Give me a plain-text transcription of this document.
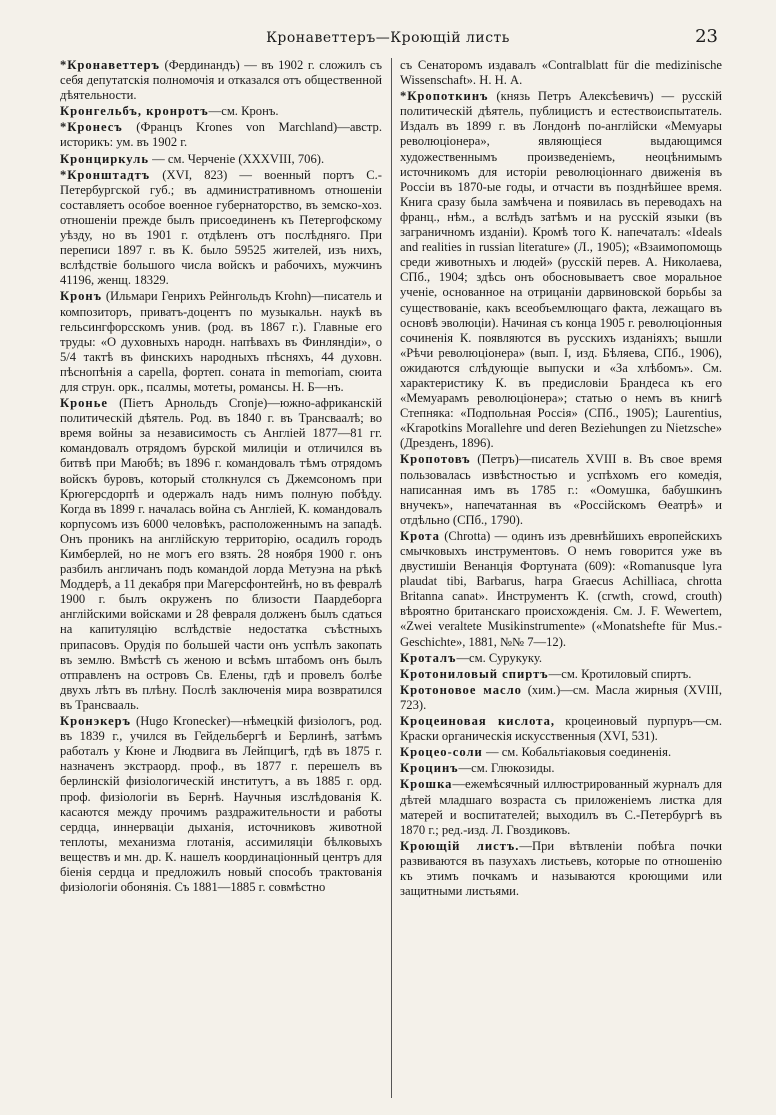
Кронаветтеръ—Кроющiй листь	23

*Кронаветтеръ (Фердинандъ) — въ 1902 г. сложилъ съ себя депутатскія полномочія и отказался отъ общественной дѣятельности.

Кронгельбъ, кронротъ—см. Кронъ.

*Кронесъ (Францъ Krones von Marchland)—австр. историкъ: ум. въ 1902 г.

Кронциркуль — см. Черченіе (XXXVIII, 706).

*Кронштадтъ (XVI, 823) — военный портъ С.-Петербургской губ.; въ административномъ отношеніи составляетъ особое военное губернаторство, въ земско-хоз. отношеніи прежде былъ присоединенъ къ Петергофскому уѣзду, но въ 1901 г. отдѣленъ отъ послѣдняго. При переписи 1897 г. въ К. было 59525 жителей, изъ нихъ, вслѣдствіе большого числа войскъ и рабочихъ, мужчинъ 41196, женщ. 18329.

Кронъ (Ильмари Генрихъ Рейнгольдъ Krohn)—писатель и композиторъ, приватъ-доцентъ по музыкальн. наукѣ въ гельсингфорсскомъ унив. (род. въ 1867 г.). Главные его труды: «О духовныхъ народн. напѣвахъ въ Финляндіи», о 5/4 тактѣ въ финскихъ народныхъ пѣсняхъ, 44 духовн. пѣснопѣнія a capella, фортеп. соната in memoriam, сюита для струн. орк., псалмы, мотеты, романсы. Н. Б—нъ.

Кронье (Піетъ Арнольдъ Cronje)—южно-африканскій политическій дѣятель. Род. въ 1840 г. въ Трансваалѣ; во время войны за независимость съ Англіей 1877—81 гг. командовалъ отрядомъ бурской милиціи и отличился въ битвѣ при Маюбѣ; въ 1896 г. командовалъ тѣмъ отрядомъ войскъ буровъ, который столкнулся съ Джемсономъ при Крюгерсдорпѣ и одержалъ надъ нимъ полную побѣду. Когда въ 1899 г. началась война съ Англіей, К. командовалъ корпусомъ изъ 6000 человѣкъ, расположеннымъ на западѣ. Онъ проникъ на англійскую территорію, осадилъ городъ Кимберлей, но не могъ его взять. 28 ноября 1900 г. онъ разбилъ англичанъ подъ командой лорда Метуэна на рѣкѣ Моддерѣ, а 11 декабря при Магерсфонтейнѣ, но въ февралѣ 1900 г. былъ окруженъ по близости Паардеборга англійскими войсками и 28 февраля долженъ былъ сдаться на капитуляцію вслѣдствіе недостатка съѣстныхъ припасовъ. Орудія по большей части онъ успѣлъ закопать въ землю. Вмѣстѣ съ женою и всѣмъ штабомъ онъ былъ отправленъ на островъ Св. Елены, гдѣ и провелъ болѣе двухъ лѣтъ въ плѣну. Послѣ заключенія мира возвратился въ Трансвааль.

Кронэкеръ (Hugo Kronecker)—нѣмецкій физіологъ, род. въ 1839 г., учился въ Гейдельбергѣ и Берлинѣ, затѣмъ работалъ у Кюне и Людвига въ Лейпцигѣ, гдѣ въ 1875 г. назначенъ экстраорд. проф., въ 1877 г. перешелъ въ берлинскій физіологическій институтъ, а въ 1885 г. орд. проф. физіологіи въ Бернѣ. Научныя изслѣдованія К. касаются между прочимъ раздражительности и работы сердца, иннерваціи дыханія, источниковъ животной теплоты, механизма глотанія, ассимиляціи бѣлковыхъ веществъ и мн. др. К. нашелъ координаціонный центръ для біенія сердца и предложилъ новый способъ трактованія физіологіи обонянія. Съ 1881—1885 г. совмѣстно

съ Сенаторомъ издавалъ «Contralblatt für die medizinische Wissenschaft». Н. Н. А.

*Кропоткинъ (князь Петръ Алексѣевичъ) — русскій политическій дѣятель, публицистъ и естествоиспытатель. Издалъ въ 1899 г. въ Лондонѣ по-англійски «Мемуары революціонера», являющіеся выдающимся художественнымъ произведеніемъ, неоцѣнимымъ источникомъ для исторіи революціоннаго движенія въ Россіи въ 1870-ые годы, и отчасти въ позднѣйшее время. Книга сразу была замѣчена и появилась въ переводахъ на франц., нѣм., а вслѣдъ затѣмъ и на русскій языки (въ заграничномъ изданіи). Кромѣ того К. напечаталъ: «Ideals and realities in russian literature» (Л., 1905); «Взаимопомощь среди животныхъ и людей» (русскій перев. А. Николаева, СПб., 1904; здѣсь онъ обосновываетъ свое моральное ученіе, основанное на отрицаніи дарвиновской борьбы за существованіе, какъ всеобъемлющаго факта, лежащаго въ основѣ эволюціи). Начиная съ конца 1905 г. революціонныя сочиненія К. появляются въ русскихъ изданіяхъ; вышли «Рѣчи революціонера» (вып. I, изд. Бѣляева, СПб., 1906), ожидаются слѣдующіе выпуски и «За хлѣбомъ». См. характеристику К. въ предисловіи Брандеса къ его «Мемуарамъ революціонера»; статью о немъ въ книгѣ Степняка: «Подпольная Россія» (СПб., 1905); Laurentius, «Krapotkins Morallehre und deren Beziehungen zu Nietzsche» (Дрезденъ, 1896).

Кропотовъ (Петръ)—писатель XVIII в. Въ свое время пользовалась извѣстностью и успѣхомъ его комедія, написанная имъ въ 1785 г.: «Оомушка, бабушкинъ внучекъ», напечатанная въ «Россійскомъ Өеатрѣ» и отдѣльно (СПб., 1790).

Крота (Chrotta) — одинъ изъ древнѣйшихъ европейскихъ смычковыхъ инструментовъ. О немъ говорится уже въ двустишіи Венанція Фортуната (609): «Romanusque lyra plaudat tibi, Barbarus, harpa Graecus Achilliaca, chrotta Britanna canat». Инструментъ К. (crwth, crowd, crouth) вѣроятно британскаго происхожденія. См. J. F. Wewertem, «Zwei veraltete Musikinstrumente» («Monatshefte für Mus.-Geschichte», 1881, №№ 7—12).

Кроталъ—см. Сурукуку.

Кротониловый спиртъ—см. Кротиловый спиртъ.

Кротоновое масло (хим.)—см. Масла жирныя (XVIII, 723).

Кроцеиновая кислота, кроцеиновый пурпуръ—см. Краски органическія искусственныя (XVI, 531).

Кроцео-соли — см. Кобальтіаковыя соединенія.

Кроцинъ—см. Глюкозиды.

Крошка—ежемѣсячный иллюстрированный журналъ для дѣтей младшаго возраста съ приложеніемъ листка для матерей и воспитателей; выходилъ въ С.-Петербургѣ въ 1870 г.; ред.-изд. Л. Гвоздиковъ.

Кроющiй листъ.—При вѣтвленіи побѣга почки развиваются въ пазухахъ листьевъ, которые по отношенію къ этимъ почкамъ и называются кроющими или защитными листьями.
